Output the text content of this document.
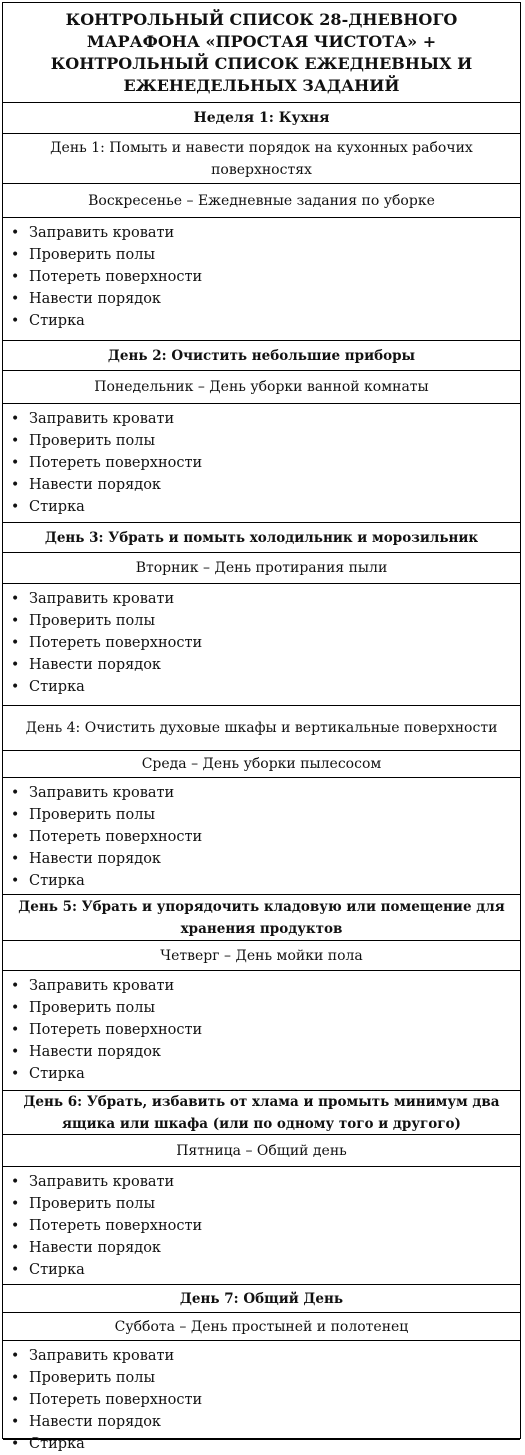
КОНТРОЛЬНЫЙ СПИСОК 28-ДНЕВНОГО МАРАФОНА «ПРОСТАЯ ЧИСТОТА» + КОНТРОЛЬНЫЙ СПИСОК ЕЖЕДНЕВНЫХ И ЕЖЕНЕДЕЛЬНЫХ ЗАДАНИЙ
Неделя 1: Кухня
День 1: Помыть и навести порядок на кухонных рабочих поверхностях
Воскресенье – Ежедневные задания по уборке
• Заправить кровати
• Проверить полы
• Потереть поверхности
• Навести порядок
• Стирка
День 2: Очистить небольшие приборы
Понедельник – День уборки ванной комнаты
• Заправить кровати
• Проверить полы
• Потереть поверхности
• Навести порядок
• Стирка
День 3: Убрать и помыть холодильник и морозильник
Вторник – День протирания пыли
• Заправить кровати
• Проверить полы
• Потереть поверхности
• Навести порядок
• Стирка
День 4: Очистить духовые шкафы и вертикальные поверхности
Среда – День уборки пылесосом
• Заправить кровати
• Проверить полы
• Потереть поверхности
• Навести порядок
• Стирка
День 5: Убрать и упорядочить кладовую или помещение для хранения продуктов
Четверг – День мойки пола
• Заправить кровати
• Проверить полы
• Потереть поверхности
• Навести порядок
• Стирка
День 6: Убрать, избавить от хлама и промыть минимум два ящика или шкафа (или по одному того и другого)
Пятница – Общий день
• Заправить кровати
• Проверить полы
• Потереть поверхности
• Навести порядок
• Стирка
День 7: Общий День
Суббота – День простыней и полотенец
• Заправить кровати
• Проверить полы
• Потереть поверхности
• Навести порядок
• Стирка
